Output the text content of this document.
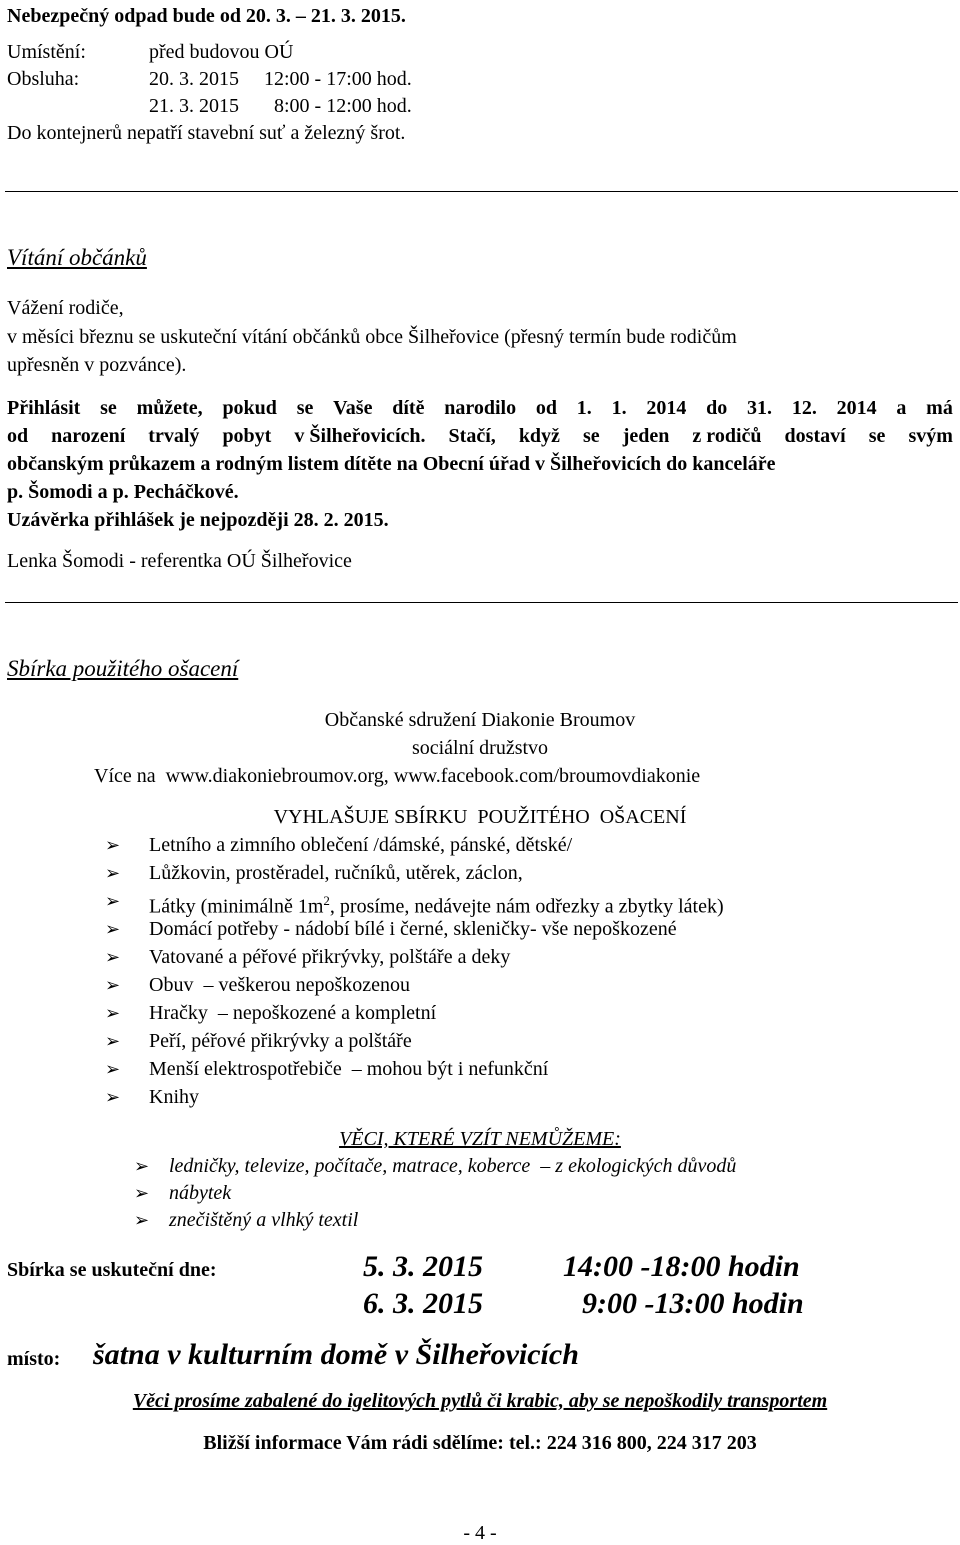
Nebezpečný odpad bude od 20. 3. – 21. 3. 2015.
Umístění:	před budovou OÚ
Obsluha:	20. 3. 2015     12:00 - 17:00 hod.
21. 3. 2015       8:00 - 12:00 hod.
Do kontejnerů nepatří stavební suť a železný šrot.
Vítání občánků
Vážení rodiče,
v měsíci březnu se uskuteční vítání občánků obce Šilheřovice (přesný termín bude rodičům
upřesněn v pozvánce).
Přihlásit se můžete, pokud se Vaše dítě narodilo od 1. 1. 2014 do 31. 12. 2014 a má
od narození trvalý pobyt v Šilheřovicích. Stačí, když se jeden z rodičů dostaví se svým
občanským průkazem a rodným listem dítěte na Obecní úřad v Šilheřovicích do kanceláře
p. Šomodi a p. Pecháčkové.
Uzávěrka přihlášek je nejpozději 28. 2. 2015.
Lenka Šomodi - referentka OÚ Šilheřovice
Sbírka použitého ošacení
Občanské sdružení Diakonie Broumov
sociální družstvo
Více na  www.diakoniebroumov.org, www.facebook.com/broumovdiakonie
VYHLAŠUJE SBÍRKU  POUŽITÉHO  OŠACENÍ
➢ Letního a zimního oblečení /dámské, pánské, dětské/
➢ Lůžkovin, prostěradel, ručníků, utěrek, záclon,
➢ Látky (minimálně $1m^2$, prosíme, nedávejte nám odřezky a zbytky látek)
➢ Domácí potřeby - nádobí bílé i černé, skleničky- vše nepoškozené
➢ Vatované a péřové přikrývky, polštáře a deky
➢ Obuv  – veškerou nepoškozenou
➢ Hračky  – nepoškozené a kompletní
➢ Peří, péřové přikrývky a polštáře
➢ Menší elektrospotřebiče  – mohou být i nefunkční
➢ Knihy
VĚCI, KTERÉ VZÍT NEMŮŽEME:
➢ ledničky, televize, počítače, matrace, koberce  – z ekologických důvodů
➢ nábytek
➢ znečištěný a vlhký textil
Sbírka se uskuteční dne:	5. 3. 2015	14:00 -18:00 hodin
6. 3. 2015	9:00 -13:00 hodin
místo: šatna v kulturním domě v Šilheřovicích
Věci prosíme zabalené do igelitových pytlů či krabic, aby se nepoškodily transportem
Bližší informace Vám rádi sdělíme: tel.: 224 316 800, 224 317 203
- 4 -
